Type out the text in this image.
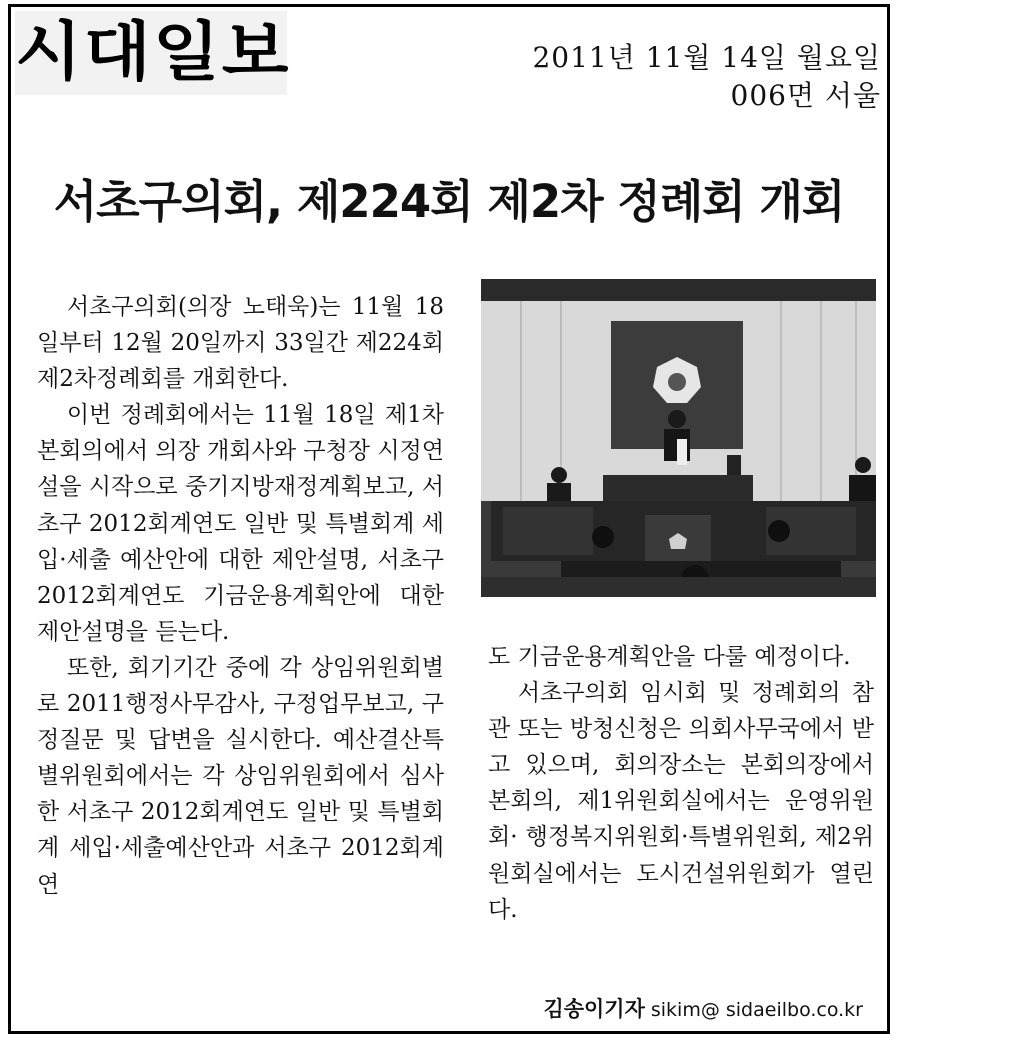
시대일보	2011년 11월 14일 월요일
006면 서울
서초구의회, 제224회 제2차 정례회 개회

서초구의회(의장 노태욱)는 11월 18일부터 12월 20일까지 33일간 제224회 제2차정례회를 개회한다.

이번 정례회에서는 11월 18일 제1차 본회의에서 의장 개회사와 구청장 시정연설을 시작으로 중기지방재정계획보고, 서초구 2012회계연도 일반 및 특별회계 세입·세출 예산안에 대한 제안설명, 서초구 2012회계연도 기금운용계획안에 대한 제안설명을 듣는다.

또한, 회기기간 중에 각 상임위원회별로 2011행정사무감사, 구정업무보고, 구정질문 및 답변을 실시한다. 예산결산특별위원회에서는 각 상임위원회에서 심사한 서초구 2012회계연도 일반 및 특별회계 세입·세출예산안과 서초구 2012회계연

도 기금운용계획안을 다룰 예정이다.

서초구의회 임시회 및 정례회의 참관 또는 방청신청은 의회사무국에서 받고 있으며, 회의장소는 본회의장에서 본회의, 제1위원회실에서는 운영위원회· 행정복지위원회·특별위원회, 제2위원회실에서는 도시건설위원회가 열린다.

김송이기자 sikim@ sidaeilbo.co.kr
